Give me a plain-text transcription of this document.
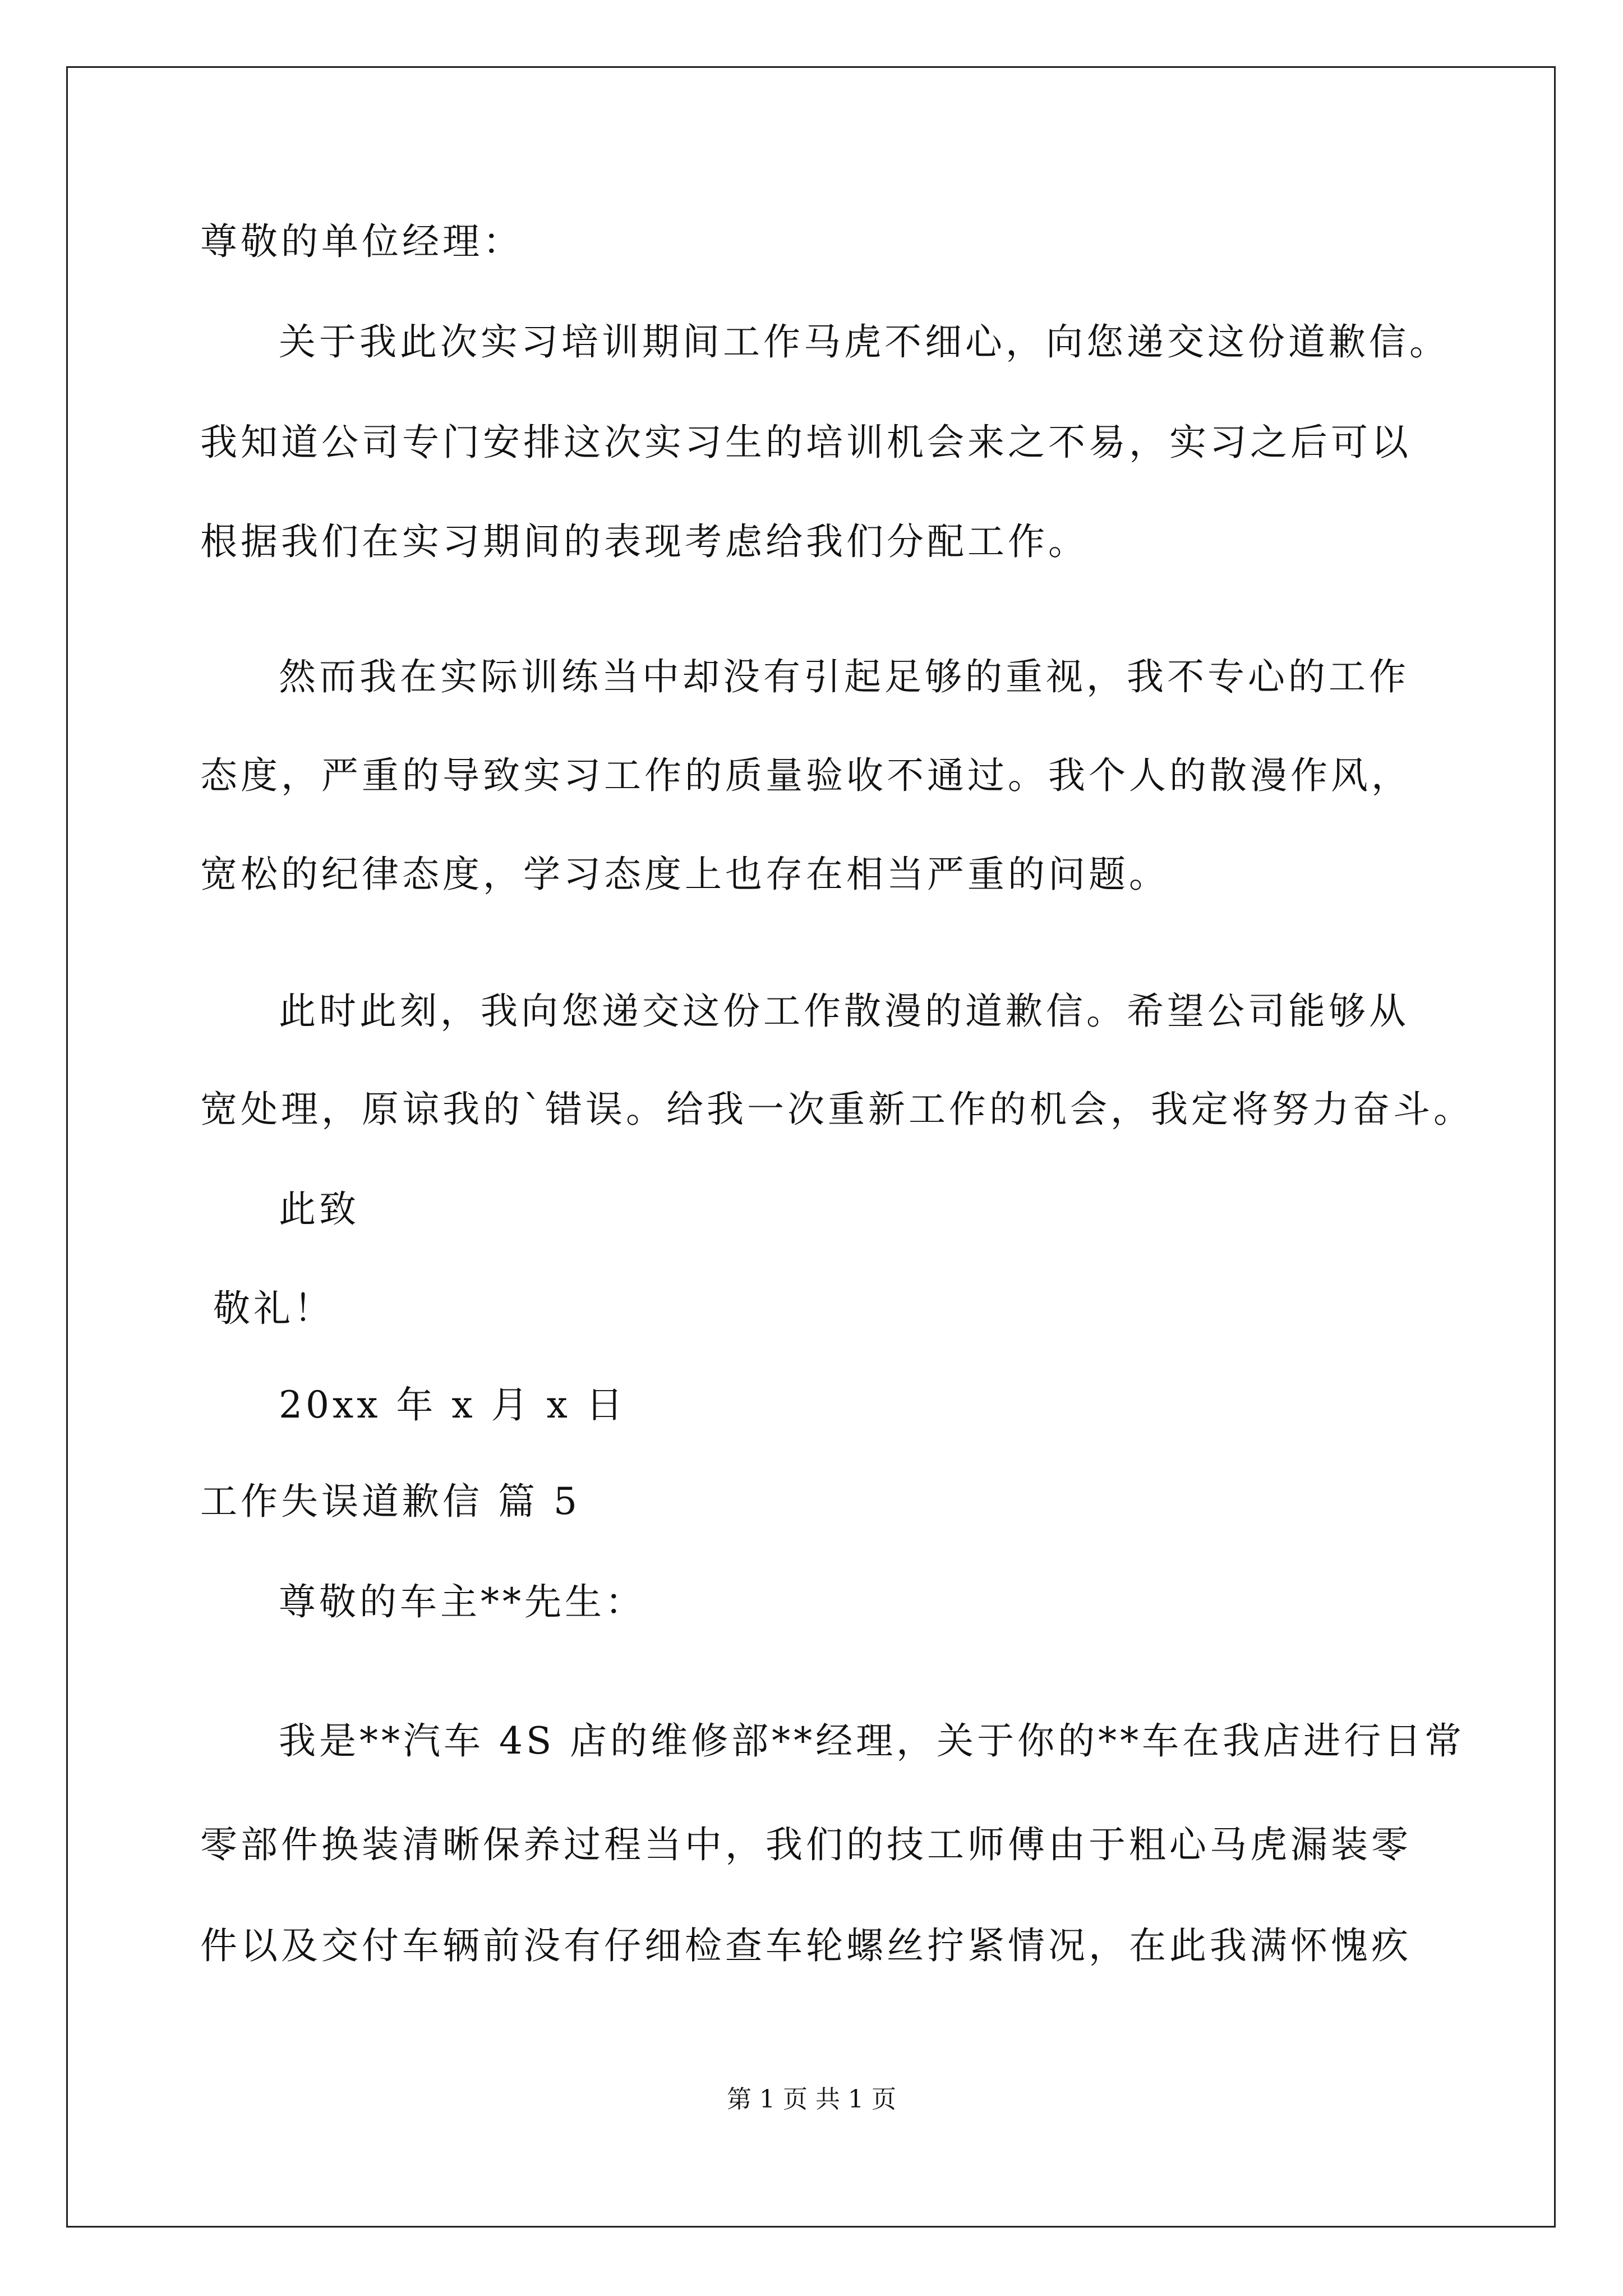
尊敬的单位经理：
关于我此次实习培训期间工作马虎不细心，向您递交这份道歉信。
我知道公司专门安排这次实习生的培训机会来之不易，实习之后可以
根据我们在实习期间的表现考虑给我们分配工作。
然而我在实际训练当中却没有引起足够的重视，我不专心的工作
态度，严重的导致实习工作的质量验收不通过。我个人的散漫作风，
宽松的纪律态度，学习态度上也存在相当严重的问题。
此时此刻，我向您递交这份工作散漫的道歉信。希望公司能够从
宽处理，原谅我的`错误。给我一次重新工作的机会，我定将努力奋斗。
此致
敬礼！
20xx 年 x 月 x 日
工作失误道歉信 篇 5
尊敬的车主**先生：
我是**汽车 4S 店的维修部**经理，关于你的**车在我店进行日常
零部件换装清晰保养过程当中，我们的技工师傅由于粗心马虎漏装零
件以及交付车辆前没有仔细检查车轮螺丝拧紧情况，在此我满怀愧疚
第 1 页 共 1 页
